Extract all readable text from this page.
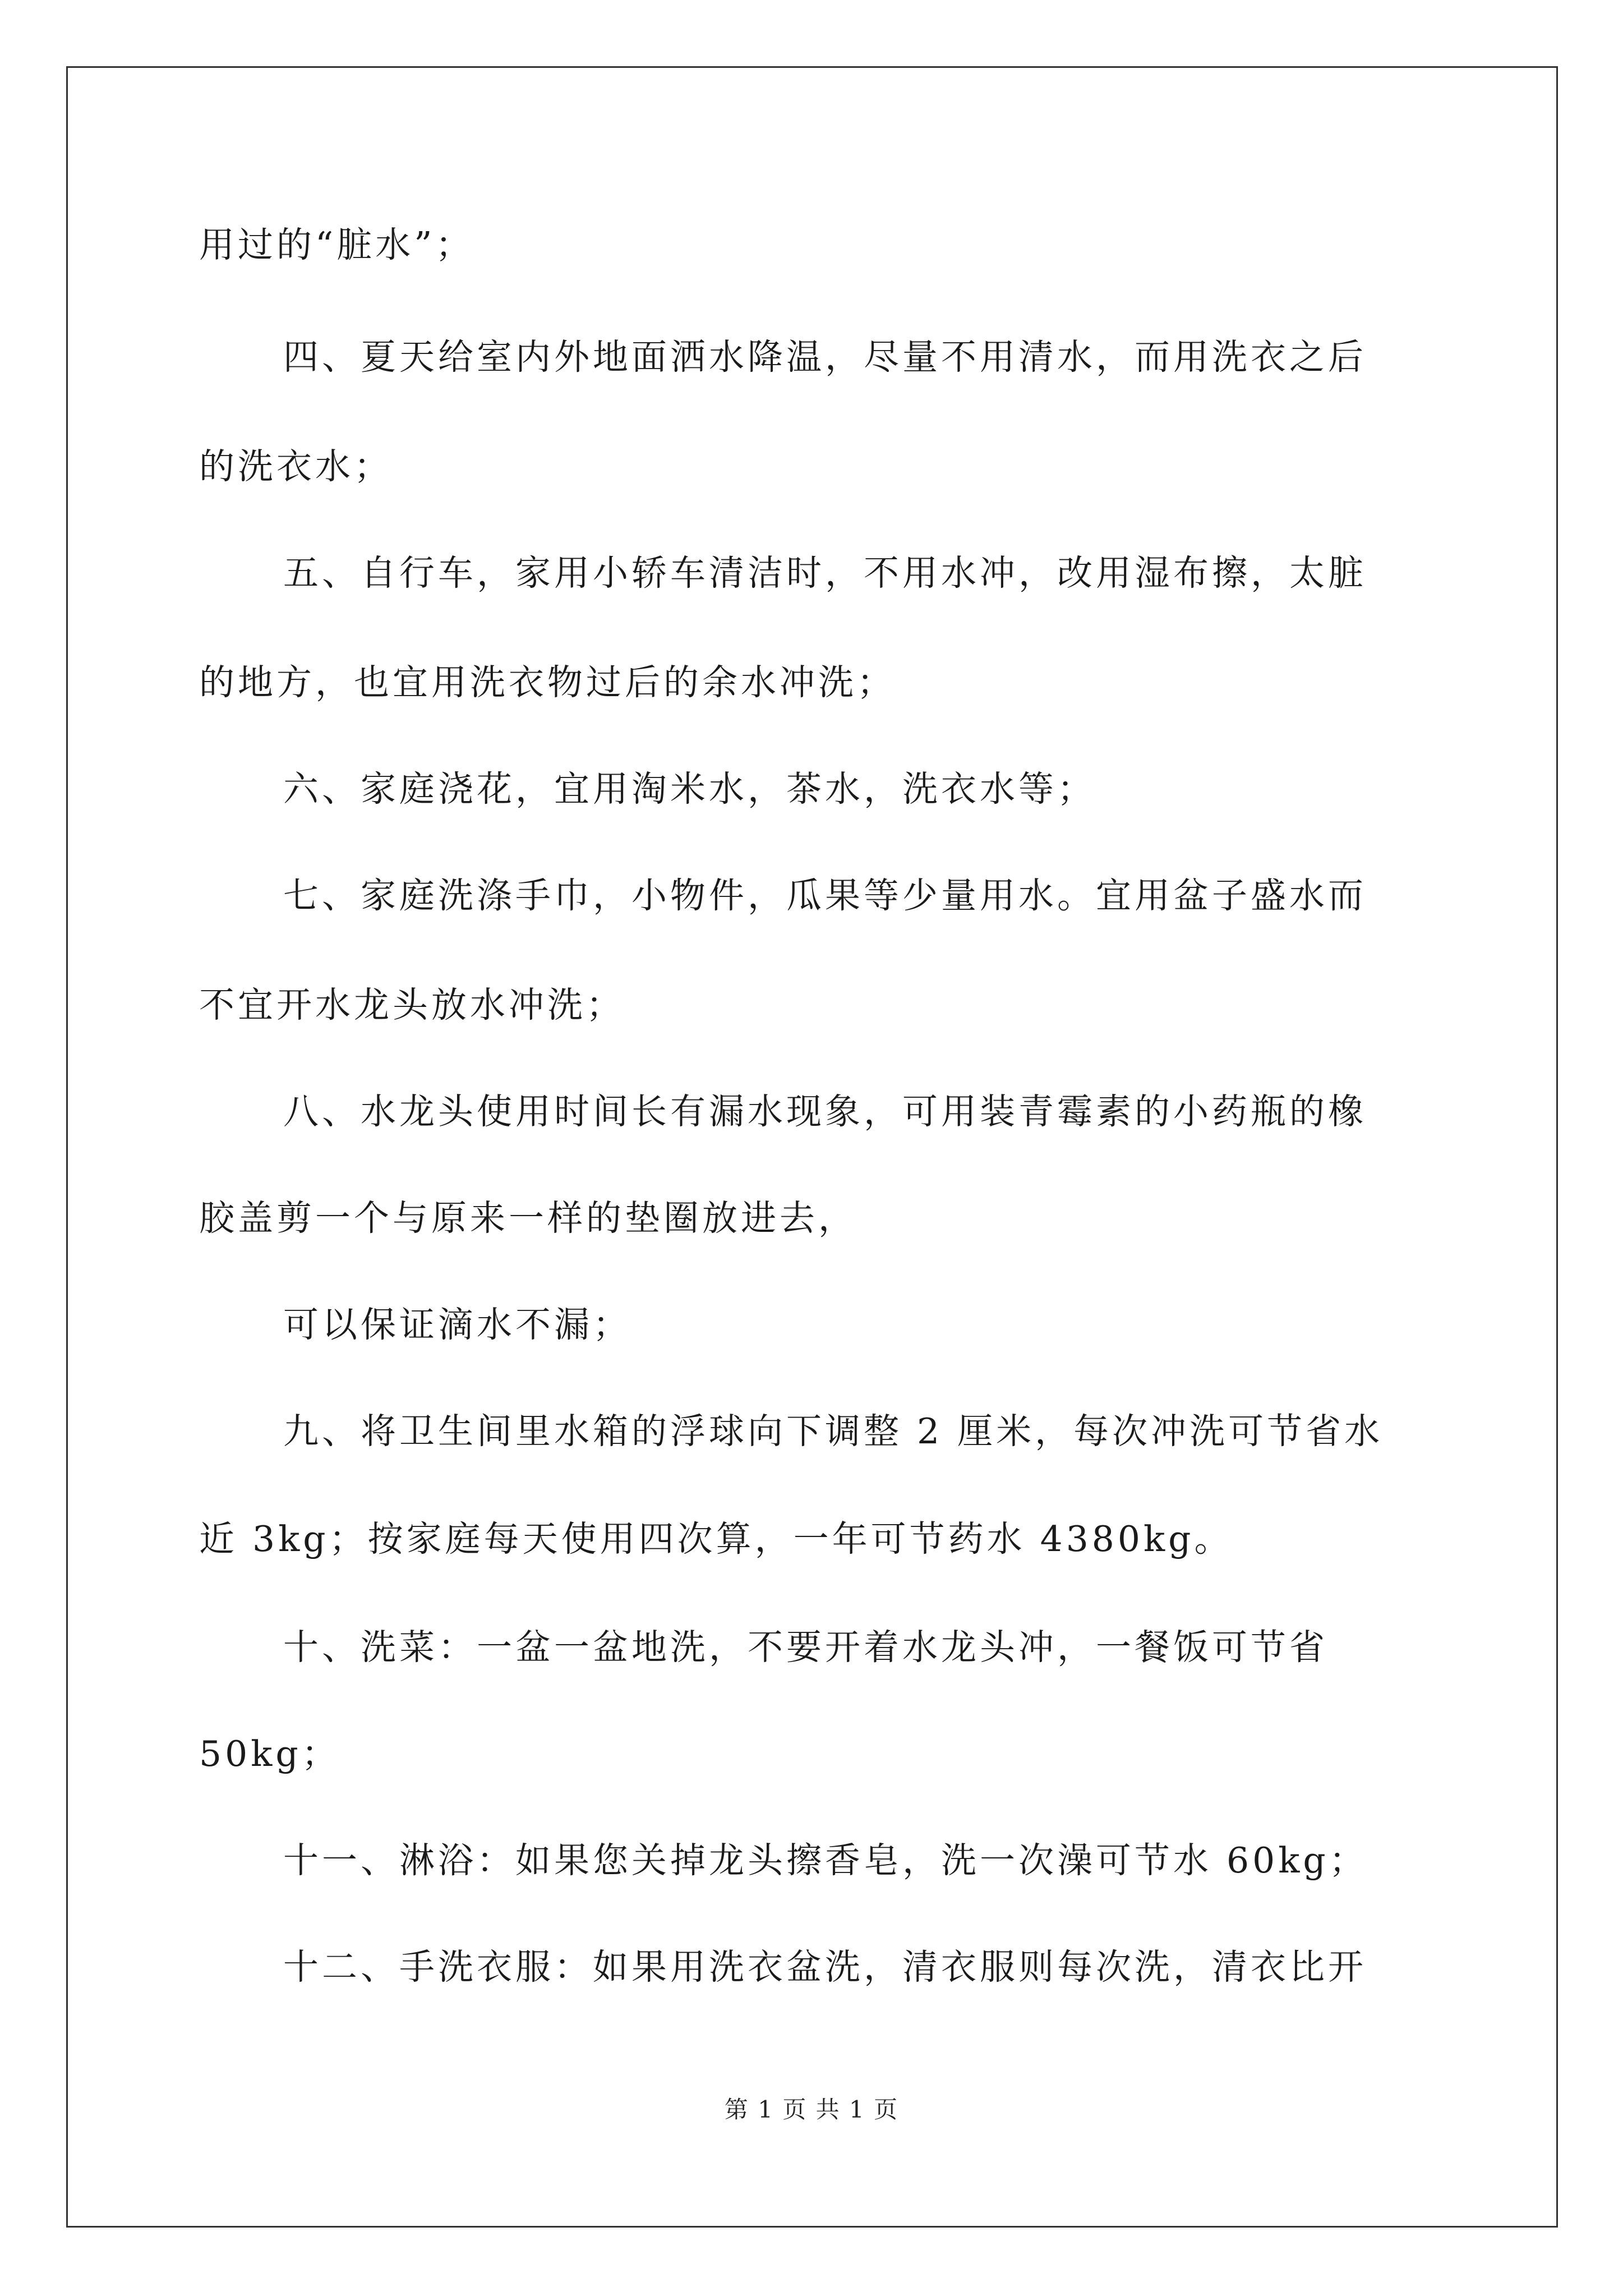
用过的“脏水”；
四、夏天给室内外地面洒水降温，尽量不用清水，而用洗衣之后
的洗衣水；
五、自行车，家用小轿车清洁时，不用水冲，改用湿布擦，太脏
的地方，也宜用洗衣物过后的余水冲洗；
六、家庭浇花，宜用淘米水，茶水，洗衣水等；
七、家庭洗涤手巾，小物件，瓜果等少量用水。宜用盆子盛水而
不宜开水龙头放水冲洗；
八、水龙头使用时间长有漏水现象，可用装青霉素的小药瓶的橡
胶盖剪一个与原来一样的垫圈放进去，
可以保证滴水不漏；
九、将卫生间里水箱的浮球向下调整 2 厘米，每次冲洗可节省水
近 3kg；按家庭每天使用四次算，一年可节药水 4380kg。
十、洗菜：一盆一盆地洗，不要开着水龙头冲，一餐饭可节省
50kg；
十一、淋浴：如果您关掉龙头擦香皂，洗一次澡可节水 60kg；
十二、手洗衣服：如果用洗衣盆洗，清衣服则每次洗，清衣比开
第 1 页 共 1 页
